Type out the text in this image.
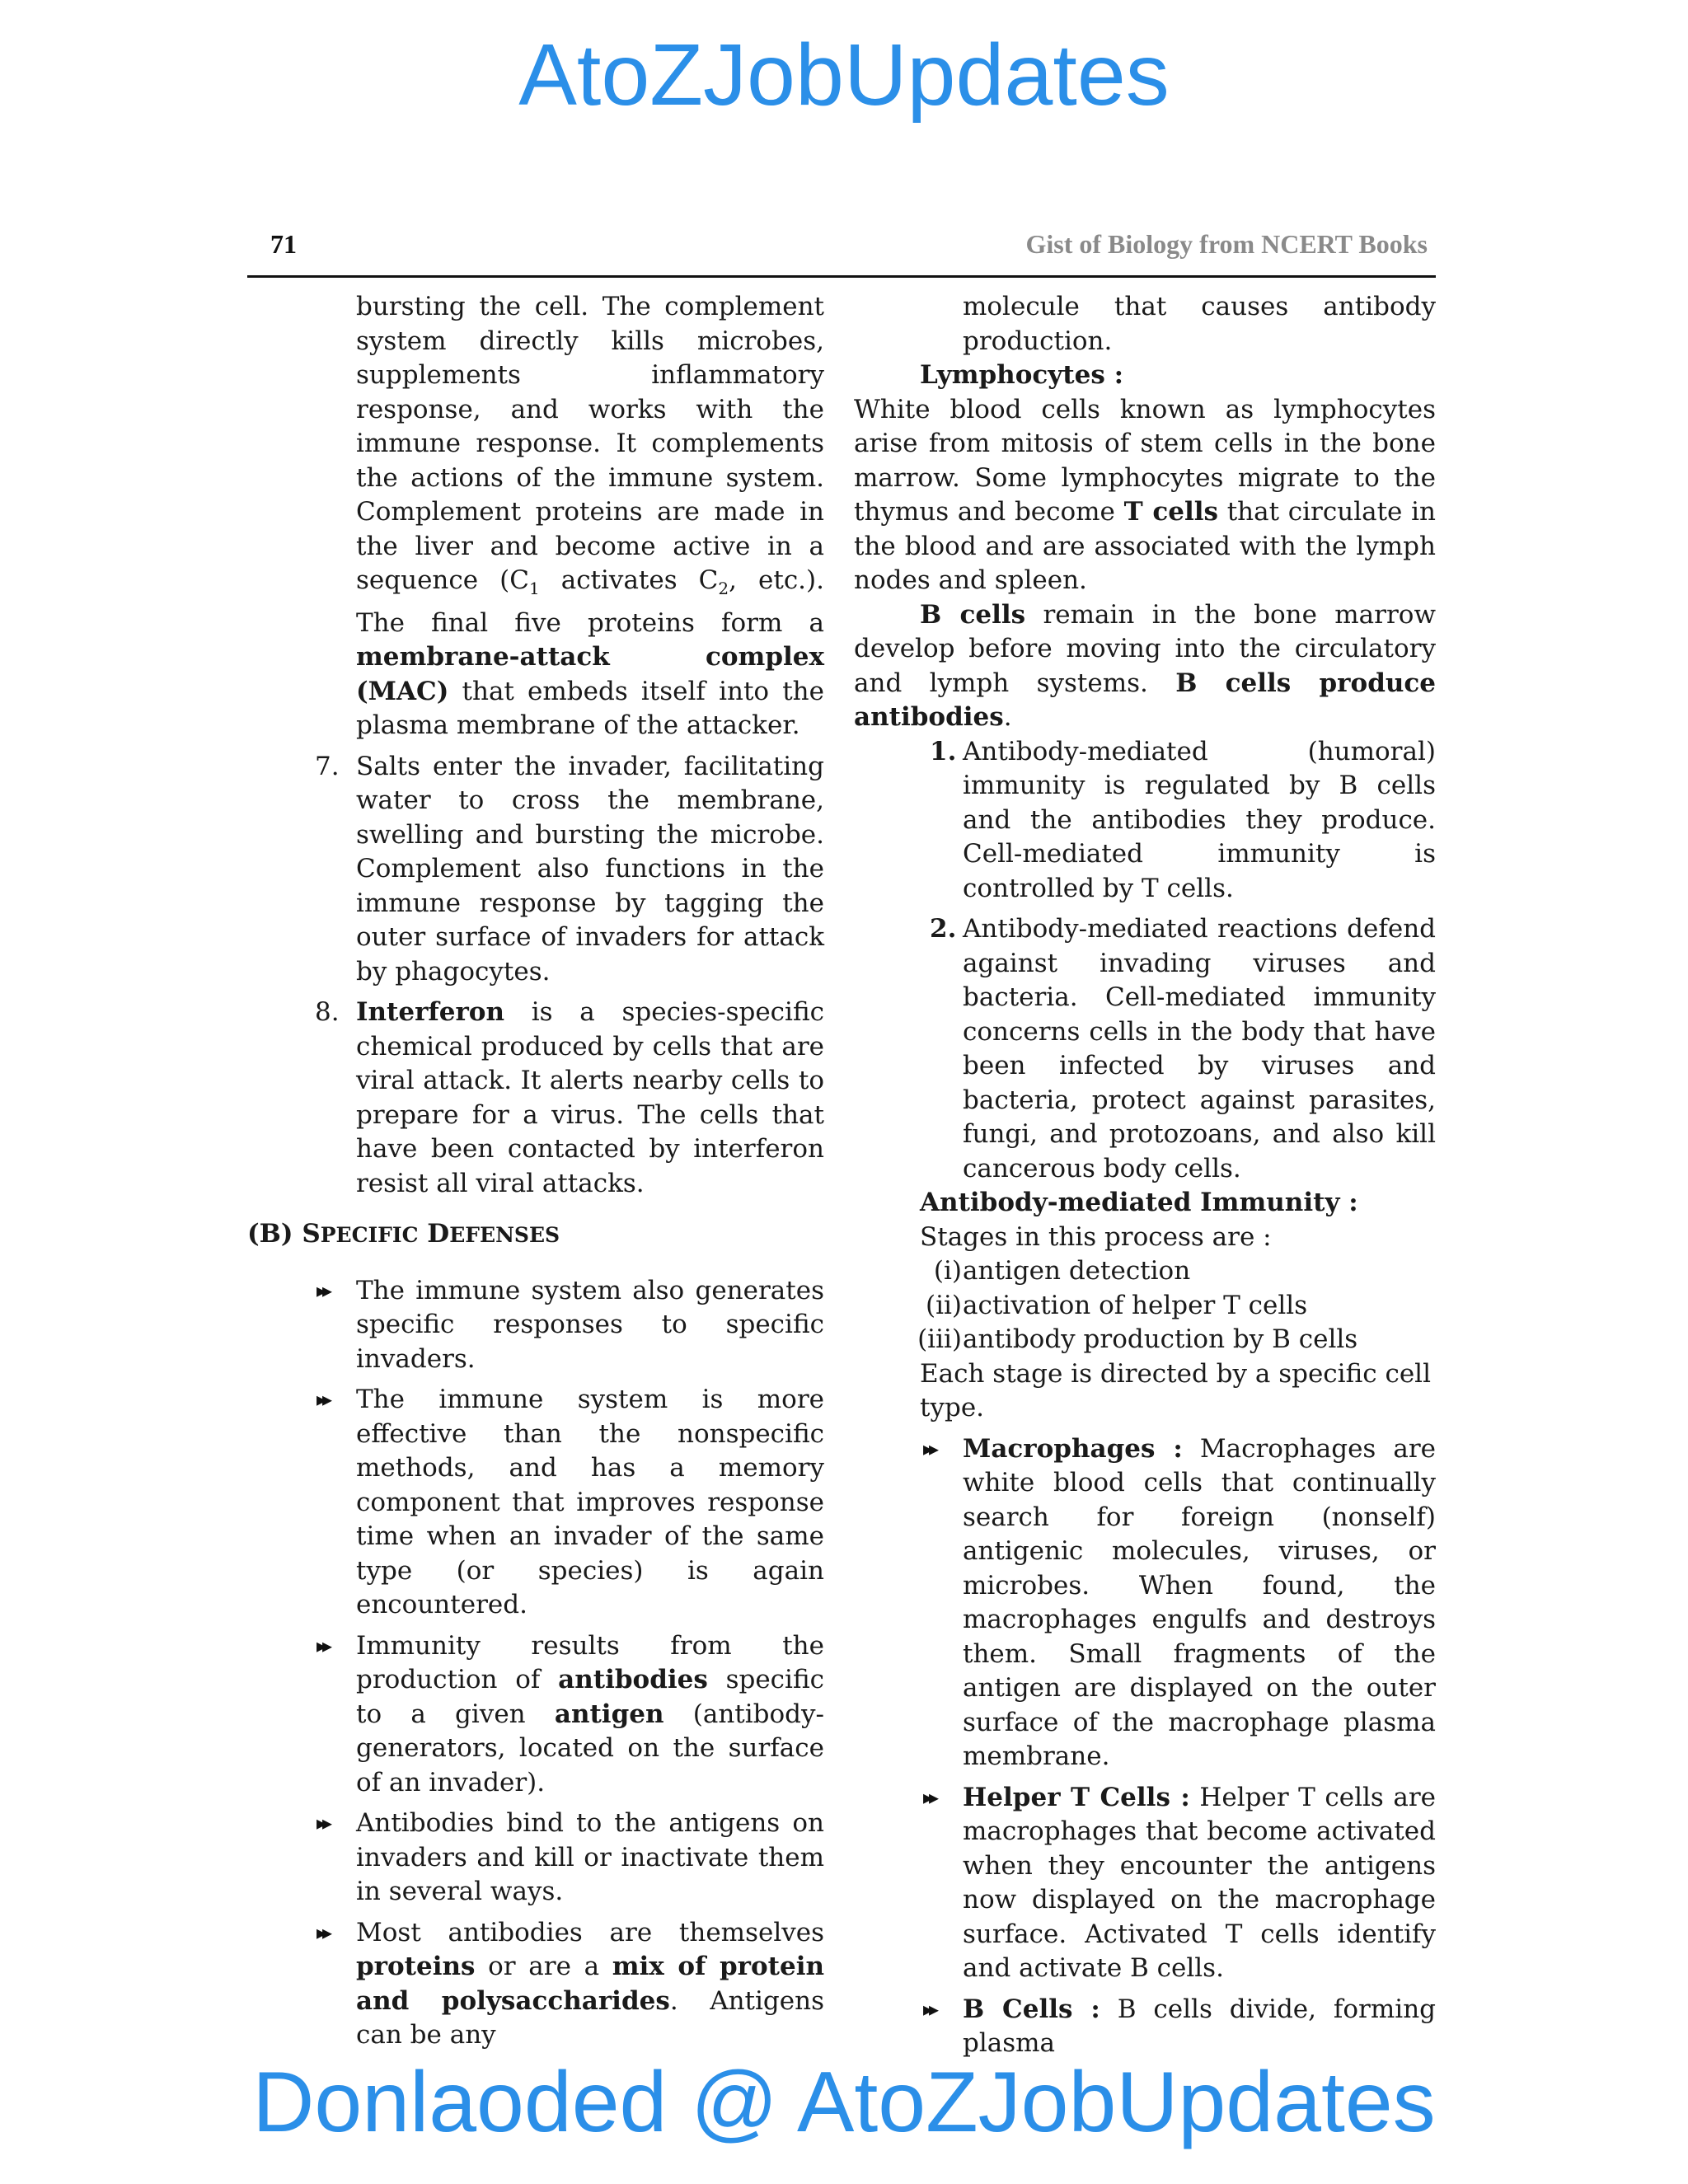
AtoZJobUpdates
71	Gist of Biology from NCERT Books

bursting the cell. The complement system directly kills microbes, supplements inflammatory response, and works with the immune response. It complements the actions of the immune system. Complement proteins are made in the liver and become active in a sequence ($C_1$ activates $C_2$, etc.). The final five proteins form a membrane-attack complex (MAC) that embeds itself into the plasma membrane of the attacker.

7. Salts enter the invader, facilitating water to cross the membrane, swelling and bursting the microbe. Complement also functions in the immune response by tagging the outer surface of invaders for attack by phagocytes.
8. Interferon is a species-specific chemical produced by cells that are viral attack. It alerts nearby cells to prepare for a virus. The cells that have been contacted by interferon resist all viral attacks.
(B) SPECIFIC DEFENSES
▸▸ The immune system also generates specific responses to specific invaders.
▸▸ The immune system is more effective than the nonspecific methods, and has a memory component that improves response time when an invader of the same type (or species) is again encountered.
▸▸ Immunity results from the production of antibodies specific to a given antigen (antibody-generators, located on the surface of an invader).
▸▸ Antibodies bind to the antigens on invaders and kill or inactivate them in several ways.
▸▸ Most antibodies are themselves proteins or are a mix of protein and polysaccharides. Antigens can be any

molecule that causes antibody production.

Lymphocytes :

White blood cells known as lymphocytes arise from mitosis of stem cells in the bone marrow. Some lymphocytes migrate to the thymus and become T cells that circulate in the blood and are associated with the lymph nodes and spleen.

B cells remain in the bone marrow develop before moving into the circulatory and lymph systems. B cells produce antibodies.

1. Antibody-mediated (humoral) immunity is regulated by B cells and the antibodies they produce. Cell-mediated immunity is controlled by T cells.
2. Antibody-mediated reactions defend against invading viruses and bacteria. Cell-mediated immunity concerns cells in the body that have been infected by viruses and bacteria, protect against parasites, fungi, and protozoans, and also kill cancerous body cells.
Antibody-mediated Immunity :
Stages in this process are :
(i) antigen detection
(ii) activation of helper T cells
(iii) antibody production by B cells
Each stage is directed by a specific cell type.
▸▸ Macrophages : Macrophages are white blood cells that continually search for foreign (nonself) antigenic molecules, viruses, or microbes. When found, the macrophages engulfs and destroys them. Small fragments of the antigen are displayed on the outer surface of the macrophage plasma membrane.
▸▸ Helper T Cells : Helper T cells are macrophages that become activated when they encounter the antigens now displayed on the macrophage surface. Activated T cells identify and activate B cells.
▸▸ B Cells : B cells divide, forming plasma
Donlaoded @ AtoZJobUpdates
